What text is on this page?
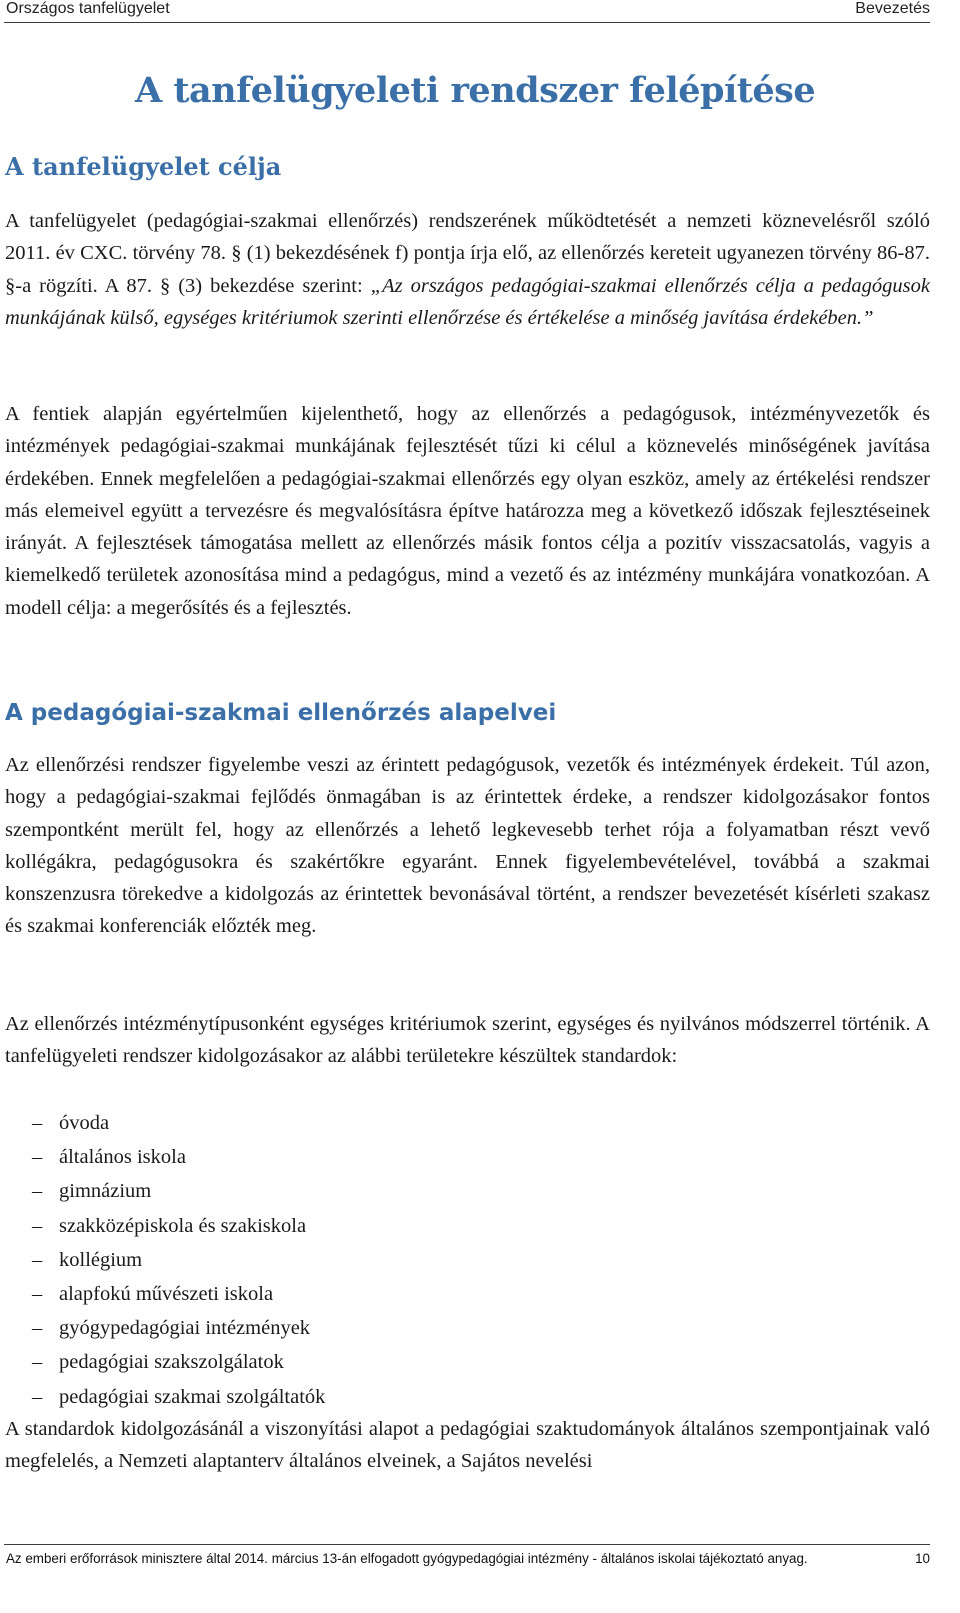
Országos tanfelügyelet	Bevezetés
A tanfelügyeleti rendszer felépítése
A tanfelügyelet célja

A tanfelügyelet (pedagógiai-szakmai ellenőrzés) rendszerének működtetését a nemzeti köznevelésről szóló 2011. év CXC. törvény 78. § (1) bekezdésének f) pontja írja elő, az ellenőrzés kereteit ugyanezen törvény 86-87. §-a rögzíti. A 87. § (3) bekezdése szerint: „Az országos pedagógiai-szakmai ellenőrzés célja a pedagógusok munkájának külső, egységes kritériumok szerinti ellenőrzése és értékelése a minőség javítása érdekében.”

A fentiek alapján egyértelműen kijelenthető, hogy az ellenőrzés a pedagógusok, intézményvezetők és intézmények pedagógiai-szakmai munkájának fejlesztését tűzi ki célul a köznevelés minőségének javítása érdekében. Ennek megfelelően a pedagógiai-szakmai ellenőrzés egy olyan eszköz, amely az értékelési rendszer más elemeivel együtt a tervezésre és megvalósításra építve határozza meg a következő időszak fejlesztéseinek irányát. A fejlesztések támogatása mellett az ellenőrzés másik fontos célja a pozitív visszacsatolás, vagyis a kiemelkedő területek azonosítása mind a pedagógus, mind a vezető és az intézmény munkájára vonatkozóan. A modell célja: a megerősítés és a fejlesztés.

A pedagógiai-szakmai ellenőrzés alapelvei

Az ellenőrzési rendszer figyelembe veszi az érintett pedagógusok, vezetők és intézmények érdekeit. Túl azon, hogy a pedagógiai-szakmai fejlődés önmagában is az érintettek érdeke, a rendszer kidolgozásakor fontos szempontként merült fel, hogy az ellenőrzés a lehető legkevesebb terhet rója a folyamatban részt vevő kollégákra, pedagógusokra és szakértőkre egyaránt. Ennek figyelembevételével, továbbá a szakmai konszenzusra törekedve a kidolgozás az érintettek bevonásával történt, a rendszer bevezetését kísérleti szakasz és szakmai konferenciák előzték meg.

Az ellenőrzés intézménytípusonként egységes kritériumok szerint, egységes és nyilvános módszerrel történik. A tanfelügyeleti rendszer kidolgozásakor az alábbi területekre készültek standardok:

– óvoda
– általános iskola
– gimnázium
– szakközépiskola és szakiskola
– kollégium
– alapfokú művészeti iskola
– gyógypedagógiai intézmények
– pedagógiai szakszolgálatok
– pedagógiai szakmai szolgáltatók

A standardok kidolgozásánál a viszonyítási alapot a pedagógiai szaktudományok általános szempontjainak való megfelelés, a Nemzeti alaptanterv általános elveinek, a Sajátos nevelési

Az emberi erőforrások minisztere által 2014. március 13-án elfogadott gyógypedagógiai intézmény - általános iskolai tájékoztató anyag.	10
